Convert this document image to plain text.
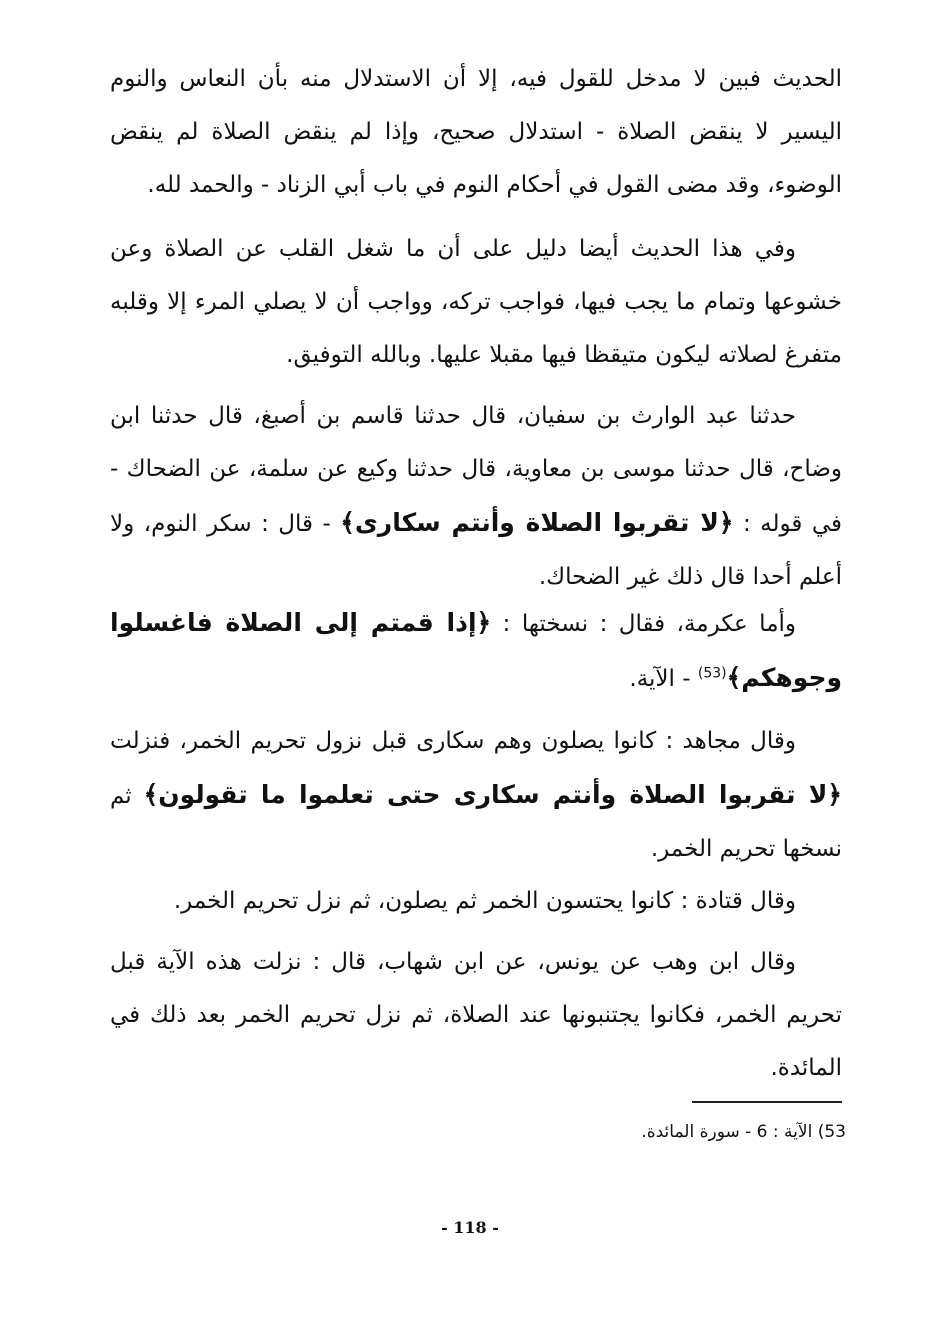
الحديث فبين لا مدخل للقول فيه، إلا أن الاستدلال منه بأن النعاس والنوم اليسير لا ينقض الصلاة - استدلال صحيح، وإذا لم ينقض الصلاة لم ينقض الوضوء، وقد مضى القول في أحكام النوم في باب أبي الزناد - والحمد لله.

وفي هذا الحديث أيضا دليل على أن ما شغل القلب عن الصلاة وعن خشوعها وتمام ما يجب فيها، فواجب تركه، وواجب أن لا يصلي المرء إلا وقلبه متفرغ لصلاته ليكون متيقظا فيها مقبلا عليها. وبالله التوفيق.

حدثنا عبد الوارث بن سفيان، قال حدثنا قاسم بن أصبغ، قال حدثنا ابن وضاح، قال حدثنا موسى بن معاوية، قال حدثنا وكيع عن سلمة، عن الضحاك - في قوله : ﴿لا تقربوا الصلاة وأنتم سكارى﴾ - قال : سكر النوم، ولا أعلم أحدا قال ذلك غير الضحاك.

وأما عكرمة، فقال : نسختها : ﴿إذا قمتم إلى الصلاة فاغسلوا وجوهكم﴾$^{(53)}$ - الآية.

وقال مجاهد : كانوا يصلون وهم سكارى قبل نزول تحريم الخمر، فنزلت ﴿لا تقربوا الصلاة وأنتم سكارى حتى تعلموا ما تقولون﴾ ثم نسخها تحريم الخمر.

وقال قتادة : كانوا يحتسون الخمر ثم يصلون، ثم نزل تحريم الخمر.

وقال ابن وهب عن يونس، عن ابن شهاب، قال : نزلت هذه الآية قبل تحريم الخمر، فكانوا يجتنبونها عند الصلاة، ثم نزل تحريم الخمر بعد ذلك في المائدة.

53) الآية : 6 - سورة المائدة.
- 118 -
